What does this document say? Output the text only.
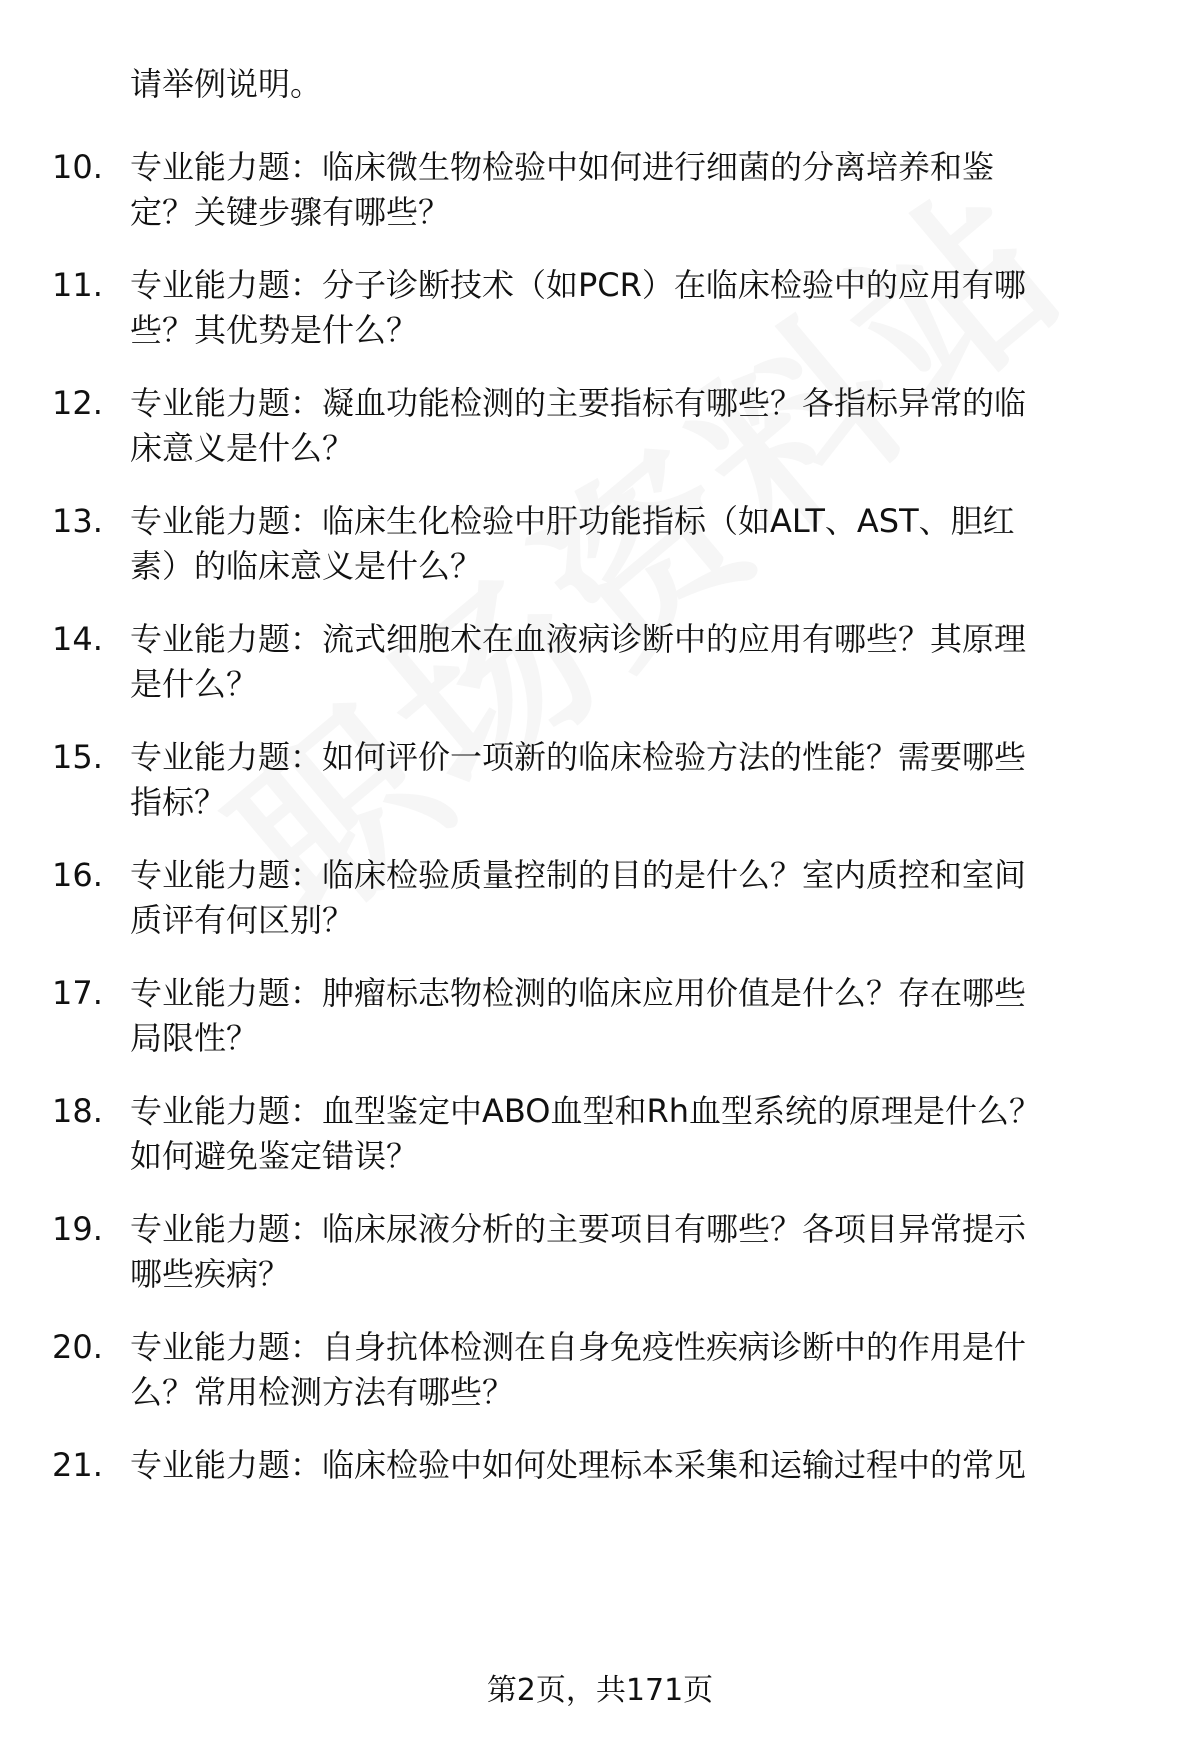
请举例说明。
10. 专业能力题：临床微生物检验中如何进行细菌的分离培养和鉴
定？关键步骤有哪些？
11. 专业能力题：分子诊断技术（如PCR）在临床检验中的应用有哪
些？其优势是什么？
12. 专业能力题：凝血功能检测的主要指标有哪些？各指标异常的临
床意义是什么？
13. 专业能力题：临床生化检验中肝功能指标（如ALT、AST、胆红
素）的临床意义是什么？
14. 专业能力题：流式细胞术在血液病诊断中的应用有哪些？其原理
是什么？
15. 专业能力题：如何评价一项新的临床检验方法的性能？需要哪些
指标？
16. 专业能力题：临床检验质量控制的目的是什么？室内质控和室间
质评有何区别？
17. 专业能力题：肿瘤标志物检测的临床应用价值是什么？存在哪些
局限性？
18. 专业能力题：血型鉴定中ABO血型和Rh血型系统的原理是什么？
如何避免鉴定错误？
19. 专业能力题：临床尿液分析的主要项目有哪些？各项目异常提示
哪些疾病？
20. 专业能力题：自身抗体检测在自身免疫性疾病诊断中的作用是什
么？常用检测方法有哪些？
21. 专业能力题：临床检验中如何处理标本采集和运输过程中的常见
第2页，共171页
